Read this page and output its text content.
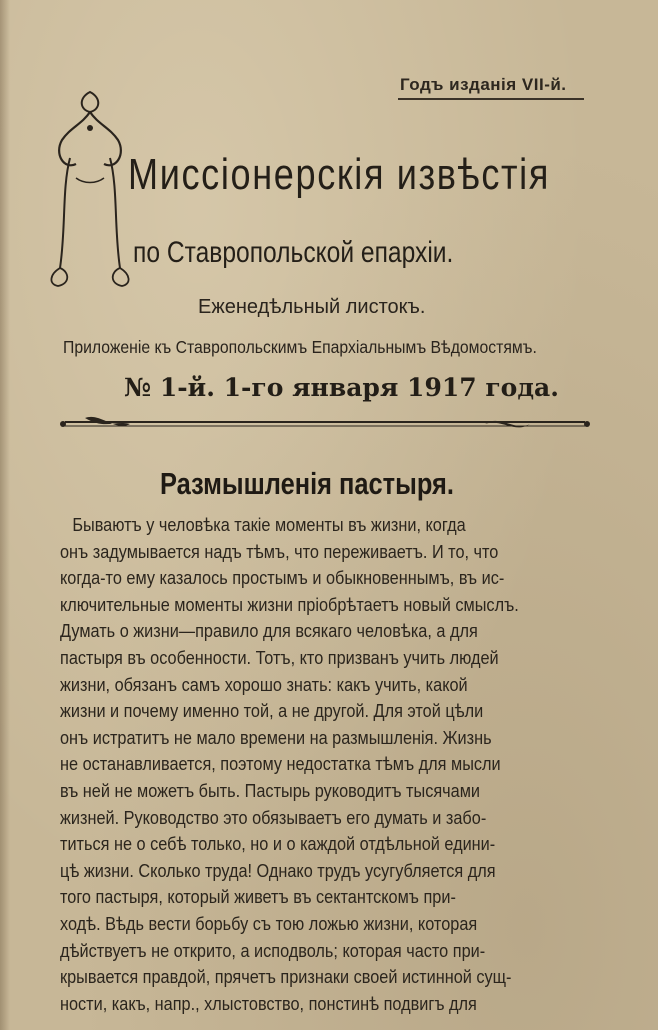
Годъ изданія VII-й.
Миссіонерскія извѣстія
по Ставропольской епархіи.
Еженедѣльный листокъ.
Приложеніе къ Ставропольскимъ Епархіальнымъ Вѣдомостямъ.
№ 1-й. 1-го января 1917 года.
Размышленія пастыря.
Бываютъ у человѣка такіе моменты въ жизни, когда
онъ задумывается надъ тѣмъ, что переживаетъ. И то, что
когда-то ему казалось простымъ и обыкновеннымъ, въ ис-
ключительные моменты жизни пріобрѣтаетъ новый смыслъ.
Думать о жизни—правило для всякаго человѣка, а для
пастыря въ особенности. Тотъ, кто призванъ учить людей
жизни, обязанъ самъ хорошо знать: какъ учить, какой
жизни и почему именно той, а не другой. Для этой цѣли
онъ истратитъ не мало времени на размышленія. Жизнь
не останавливается, поэтому недостатка тѣмъ для мысли
въ ней не можетъ быть. Пастырь руководитъ тысячами
жизней. Руководство это обязываетъ его думать и забо-
титься не о себѣ только, но и о каждой отдѣльной едини-
цѣ жизни. Сколько труда! Однако трудъ усугубляется для
того пастыря, который живетъ въ сектантскомъ при-
ходѣ. Вѣдь вести борьбу съ тою ложью жизни, которая
дѣйствуетъ не открито, а исподволь; которая часто при-
крывается правдой, прячетъ признаки своей истинной сущ-
ности, какъ, напр., хлыстовство, понстинѣ подвигъ для
